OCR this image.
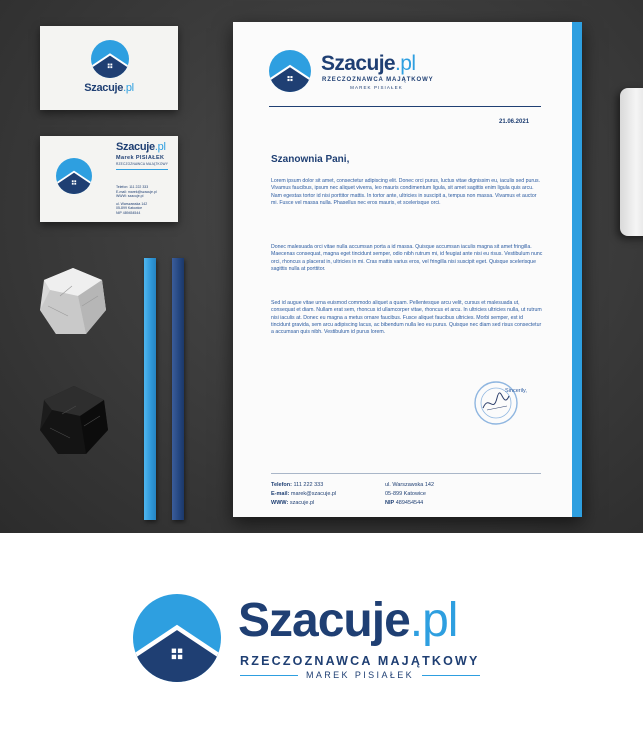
Szacuje.pl
Szacuje.pl
Marek PISIAŁEK
RZECZOZNAWCA MAJĄTKOWY
Telefon: 111 222 333
E-mail: marek@szacuje.pl
WWW: szacuje.pl
ul. Warszawska 142
05-899 Katowice
NIP 489454544
Szacuje.pl
RZECZOZNAWCA MAJĄTKOWY
MAREK PISIAŁEK
21.06.2021
Szanownia Pani,
Lorem ipsum dolor sit amet, consectetur adipiscing elit. Donec orci purus, luctus vitae dignissim eu, iaculis sed purus. Vivamus faucibus, ipsum nec aliquet viverra, leo mauris condimentum ligula, sit amet sagittis enim ligula quis arcu. Nam egestas tortor id nisi porttitor mattis. In tortor ante, ultricies in suscipit a, tempus non massa. Vivamus et auctor mi. Fusce vel massa nulla. Phasellus nec eros mauris, et scelerisque orci.
Donec malesuada orci vitae nulla accumsan porta a id massa. Quisque accumsan iaculis magna sit amet fringilla. Maecenas consequat, magna eget tincidunt semper, odio nibh rutrum mi, id feugiat ante nisi eu risus. Vestibulum nunc orci, rhoncus a placerat in, ultricies in mi. Cras mattis varius eros, vel fringilla nisi suscipit eget. Quisque scelerisque sagittis nulla at porttitor.
Sed id augue vitae urna euismod commodo aliquet a quam. Pellentesque arcu velit, cursus et malesuada ut, consequat et diam. Nullam erat sem, rhoncus id ullamcorper vitae, rhoncus et arcu. In ultricies ultricies nulla, ut rutrum nisi iaculis at. Donec eu magna a metus ornare faucibus. Fusce aliquet faucibus ultricies. Morbi semper, est id tincidunt gravida, sem arcu adipiscing lacus, ac bibendum nulla leo eu purus. Quisque nec diam sed risus consectetur a accumsan quis nibh. Vestibulum id purus lorem.
Sincerily,
Telefon: 111 222 333
E-mail: marek@szacuje.pl
WWW: szacuje.pl
ul. Warszawska 142
05-899 Katowice
NIP 489454544
Szacuje.pl
RZECZOZNAWCA MAJĄTKOWY
MAREK PISIAŁEK
